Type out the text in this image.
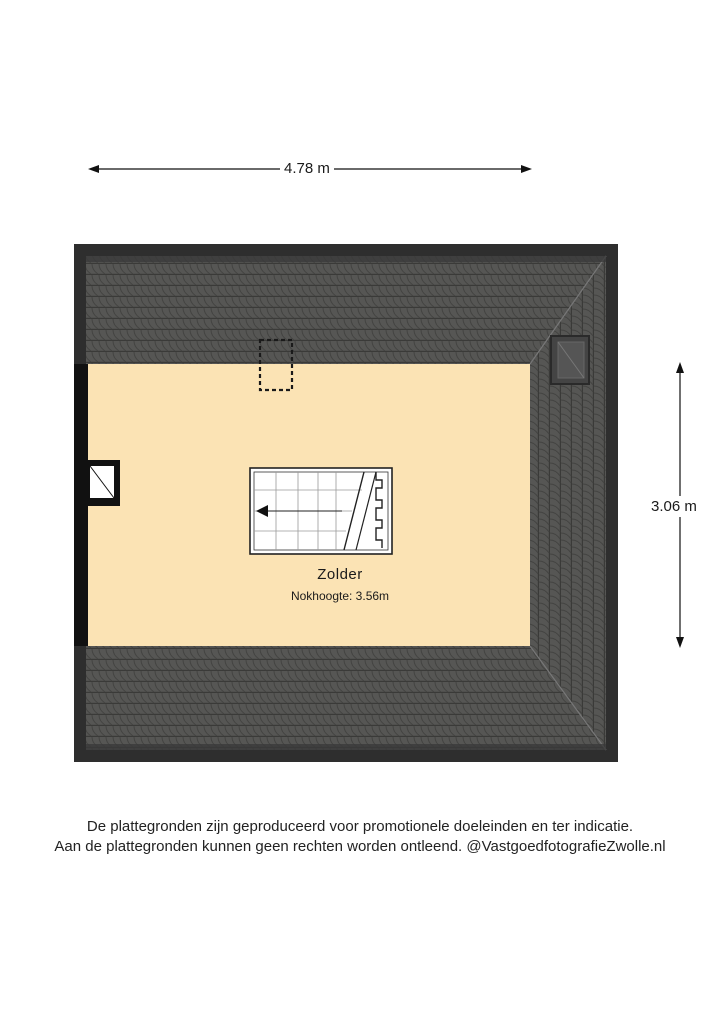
4.78 m
3.06 m
Zolder
Nokhoogte: 3.56m
De plattegronden zijn geproduceerd voor promotionele doeleinden en ter indicatie.
Aan de plattegronden kunnen geen rechten worden ontleend. @VastgoedfotografieZwolle.nl
